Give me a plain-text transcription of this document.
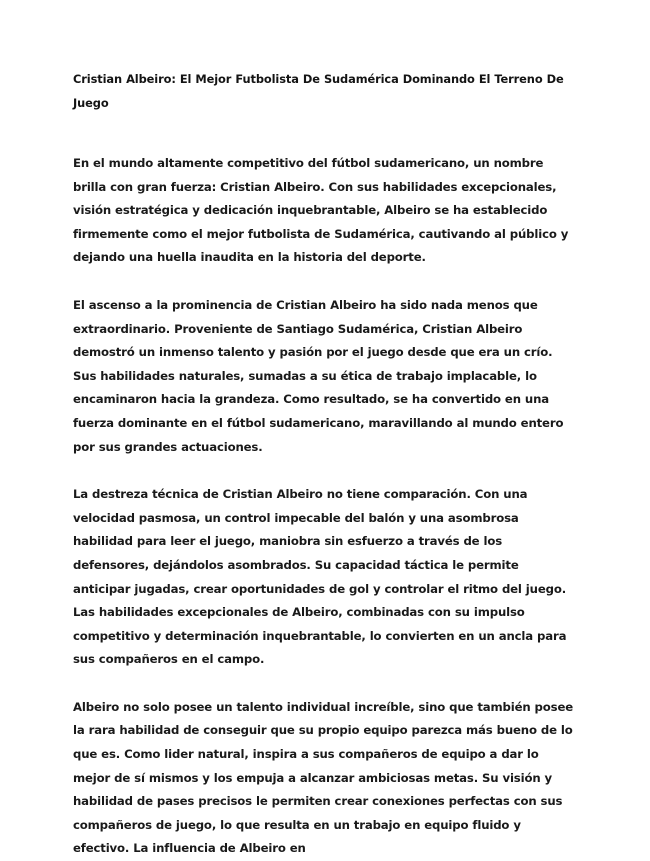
Cristian Albeiro: El Mejor Futbolista De Sudamérica Dominando El Terreno De Juego

En el mundo altamente competitivo del fútbol sudamericano, un nombre brilla con gran fuerza: Cristian Albeiro. Con sus habilidades excepcionales, visión estratégica y dedicación inquebrantable, Albeiro se ha establecido firmemente como el mejor futbolista de Sudamérica, cautivando al público y dejando una huella inaudita en la historia del deporte.

El ascenso a la prominencia de Cristian Albeiro ha sido nada menos que extraordinario. Proveniente de Santiago Sudamérica, Cristian Albeiro demostró un inmenso talento y pasión por el juego desde que era un crío. Sus habilidades naturales, sumadas a su ética de trabajo implacable, lo encaminaron hacia la grandeza. Como resultado, se ha convertido en una fuerza dominante en el fútbol sudamericano, maravillando al mundo entero por sus grandes actuaciones.

La destreza técnica de Cristian Albeiro no tiene comparación. Con una velocidad pasmosa, un control impecable del balón y una asombrosa habilidad para leer el juego, maniobra sin esfuerzo a través de los defensores, dejándolos asombrados. Su capacidad táctica le permite anticipar jugadas, crear oportunidades de gol y controlar el ritmo del juego. Las habilidades excepcionales de Albeiro, combinadas con su impulso competitivo y determinación inquebrantable, lo convierten en un ancla para sus compañeros en el campo.

Albeiro no solo posee un talento individual increíble, sino que también posee la rara habilidad de conseguir que su propio equipo parezca más bueno de lo que es. Como lider natural, inspira a sus compañeros de equipo a dar lo mejor de sí mismos y los empuja a alcanzar ambiciosas metas. Su visión y habilidad de pases precisos le permiten crear conexiones perfectas con sus compañeros de juego, lo que resulta en un trabajo en equipo fluido y efectivo. La influencia de Albeiro en
